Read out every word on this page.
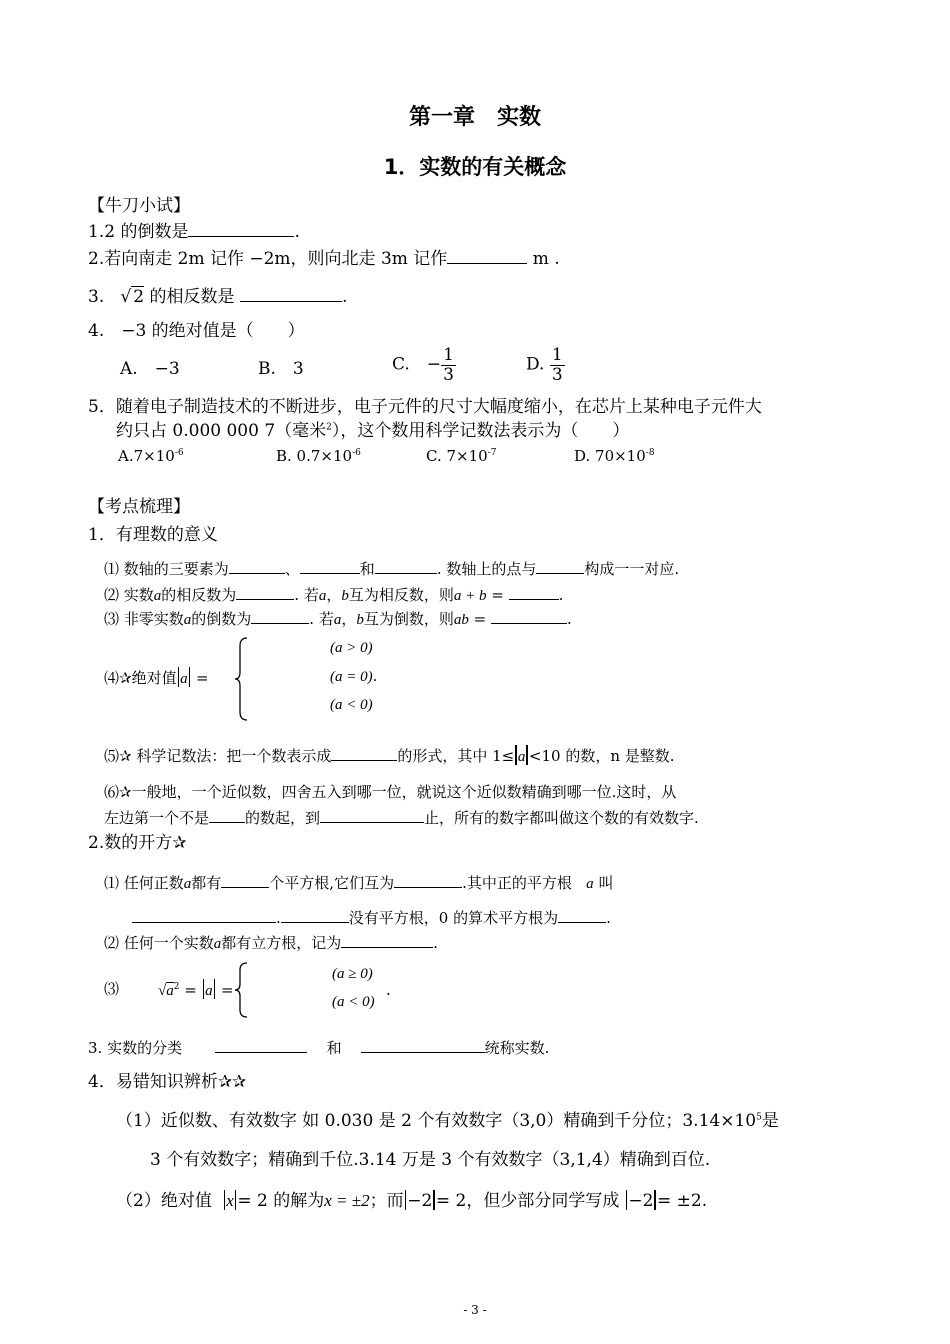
第一章　实数
1．实数的有关概念
【牛刀小试】
1.2 的倒数是	.
2.若向南走 2m 记作 −2m，则向北走 3m 记作	m .
3. √ 2 的相反数是	.
4.　−3 的绝对值是（　　）
A.　−3	B.　3	C.　− $\frac{1}{3}$	D. $\frac{1}{3}$
5．随着电子制造技术的不断进步，电子元件的尺寸大幅度缩小，在芯片上某种电子元件大
约只占 0.000 000 7（毫米$^2$），这个数用科学记数法表示为（　　）
$A.7\times 10^{-6}$	B. $0.7\times 10^{-6}$	C. $7\times 10^{-7}$	D. $70\times 10^{-8}$
【考点梳理】
1．有理数的意义
⑴ 数轴的三要素为	、	和	. 数轴上的点与	构成一一对应.
⑵ 实数a的相反数为	. 若a，b互为相反数，则a + b =	.
⑶ 非零实数a的倒数为	. 若a，b互为倒数，则ab =	.
⑷✰绝对值 a =
(a > 0)
(a = 0).
(a < 0)
⑸✰ 科学记数法：把一个数表示成	的形式，其中 1≤ a <10 的数，n 是整数.
⑹✰一般地，一个近似数，四舍五入到哪一位，就说这个近似数精确到哪一位.这时，从
左边第一个不是 的数起，到	止，所有的数字都叫做这个数的有效数字.
2.数的开方✰
⑴ 任何正数a都有	个平方根,它们互为	.其中正的平方根 a 叫
.	没有平方根，0 的算术平方根为	.
⑵ 任何一个实数a都有立方根，记为	.
⑶	$√a^2 = a$ =
(a ≥ 0)
(a < 0)
.
3. 实数的分类	和	统称实数.
4．易错知识辨析✰✰
（1）近似数、有效数字 如 0.030 是 2 个有效数字（3,0）精确到千分位；$3.14\times 10^5$是
3 个有效数字；精确到千位.3.14 万是 3 个有效数字（3,1,4）精确到百位.
（2）绝对值 x = 2 的解为x = ±2；而 −2 = 2，但少部分同学写成 −2 = ±2.
- 3 -
